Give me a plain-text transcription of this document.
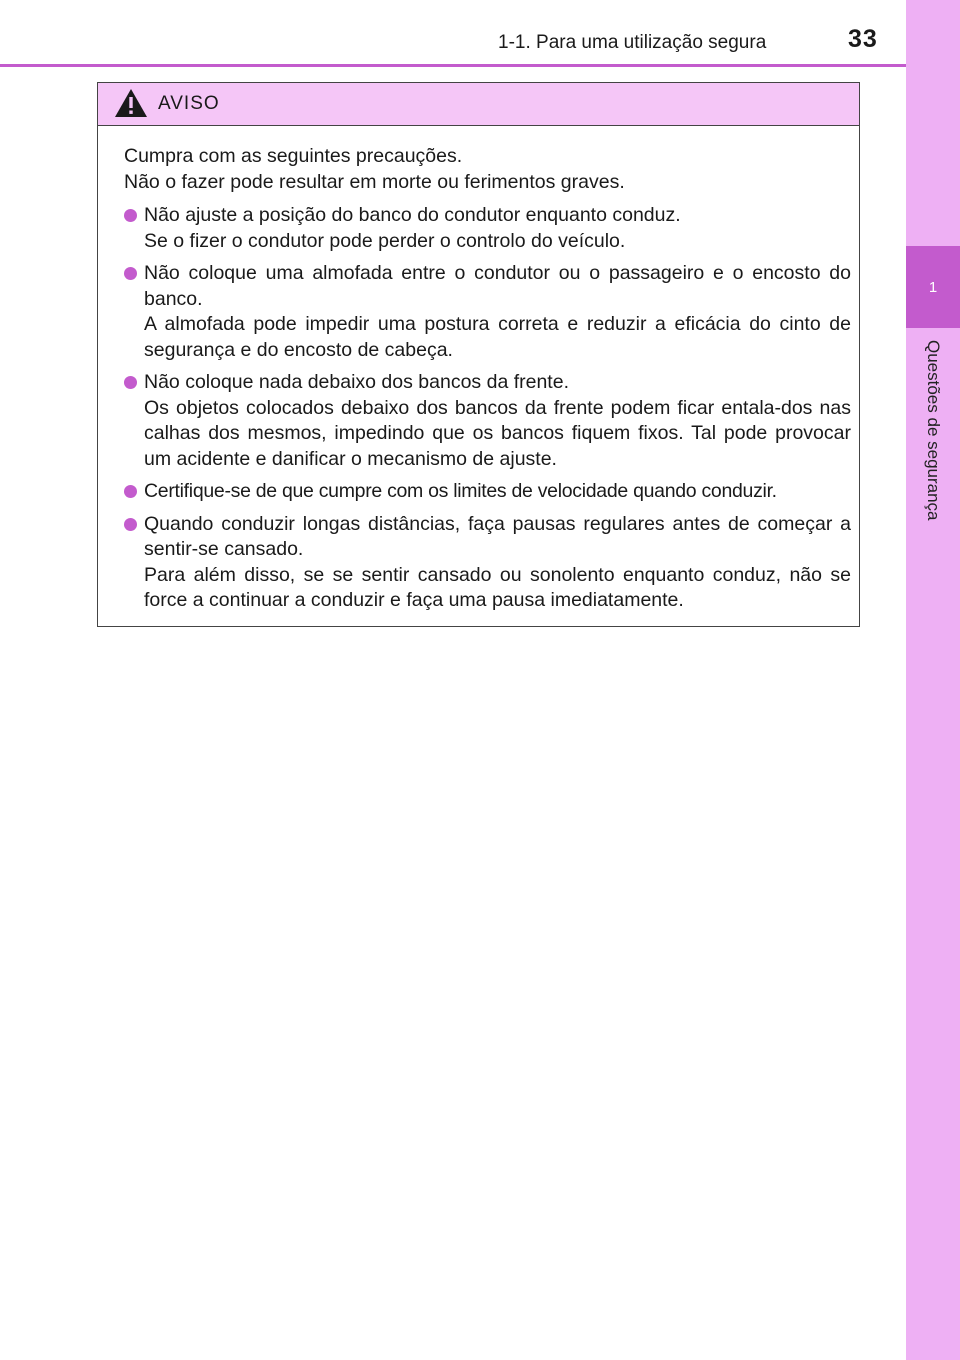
1
Questões de segurança
1-1. Para uma utilização segura	33
AVISO
Cumpra com as seguintes precauções.
Não o fazer pode resultar em morte ou ferimentos graves.

Não ajuste a posição do banco do condutor enquanto conduz.

Se o fizer o condutor pode perder o controlo do veículo.

Não coloque uma almofada entre o condutor ou o passageiro e o encosto do banco.

A almofada pode impedir uma postura correta e reduzir a eficácia do cinto de segurança e do encosto de cabeça.

Não coloque nada debaixo dos bancos da frente.

Os objetos colocados debaixo dos bancos da frente podem ficar entala-dos nas calhas dos mesmos, impedindo que os bancos fiquem fixos. Tal pode provocar um acidente e danificar o mecanismo de ajuste.

Certifique-se de que cumpre com os limites de velocidade quando conduzir.

Quando conduzir longas distâncias, faça pausas regulares antes de começar a sentir-se cansado.

Para além disso, se se sentir cansado ou sonolento enquanto conduz, não se force a continuar a conduzir e faça uma pausa imediatamente.
